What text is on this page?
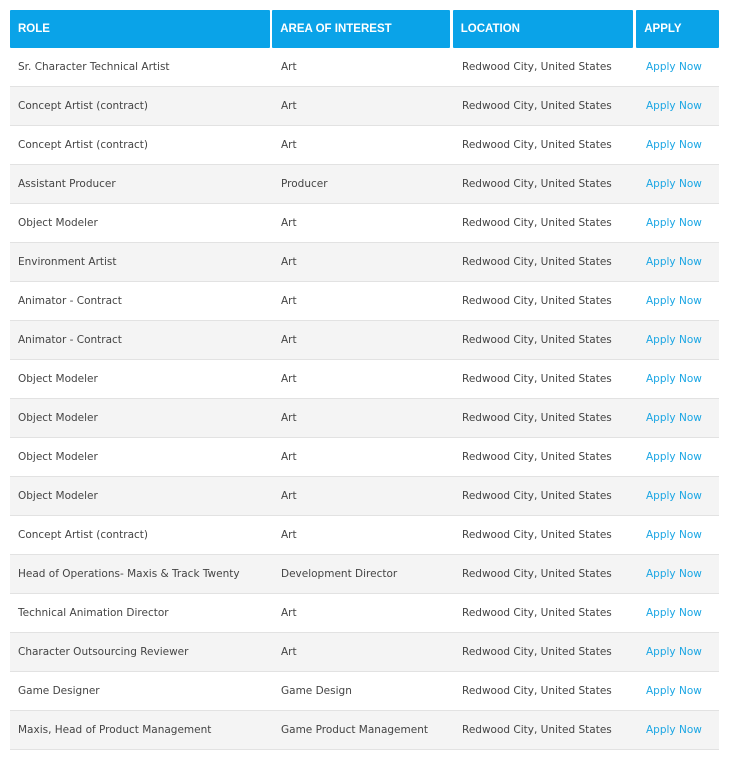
ROLE	AREA OF INTEREST	LOCATION	APPLY
Sr. Character Technical Artist	Art	Redwood City, United States	Apply Now
Concept Artist (contract)	Art	Redwood City, United States	Apply Now
Concept Artist (contract)	Art	Redwood City, United States	Apply Now
Assistant Producer	Producer	Redwood City, United States	Apply Now
Object Modeler	Art	Redwood City, United States	Apply Now
Environment Artist	Art	Redwood City, United States	Apply Now
Animator - Contract	Art	Redwood City, United States	Apply Now
Animator - Contract	Art	Redwood City, United States	Apply Now
Object Modeler	Art	Redwood City, United States	Apply Now
Object Modeler	Art	Redwood City, United States	Apply Now
Object Modeler	Art	Redwood City, United States	Apply Now
Object Modeler	Art	Redwood City, United States	Apply Now
Concept Artist (contract)	Art	Redwood City, United States	Apply Now
Head of Operations- Maxis & Track Twenty	Development Director	Redwood City, United States	Apply Now
Technical Animation Director	Art	Redwood City, United States	Apply Now
Character Outsourcing Reviewer	Art	Redwood City, United States	Apply Now
Game Designer	Game Design	Redwood City, United States	Apply Now
Maxis, Head of Product Management	Game Product Management	Redwood City, United States	Apply Now
